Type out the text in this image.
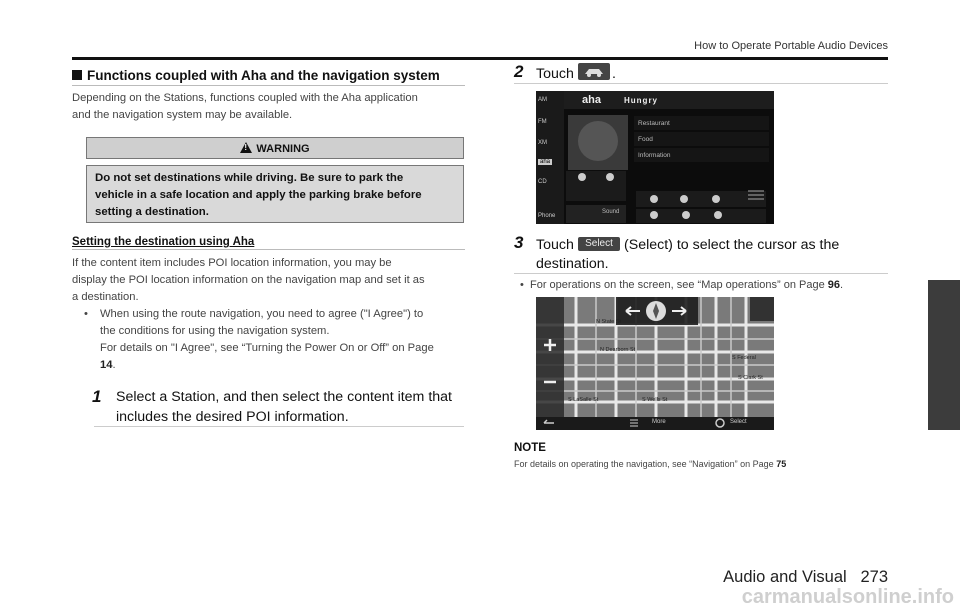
How to Operate Portable Audio Devices
Functions coupled with Aha and the navigation system
Depending on the Stations, functions coupled with the Aha application
and the navigation system may be available.
! WARNING
Do not set destinations while driving. Be sure to park the
vehicle in a safe location and apply the parking brake before
setting a destination.
Setting the destination using Aha
If the content item includes POI location information, you may be
display the POI location information on the navigation map and set it as
a destination.
• When using the route navigation, you need to agree ("I Agree") to
the conditions for using the navigation system.
For details on "I Agree", see “Turning the Power On or Off” on Page
14.
1 Select a Station, and then select the content item that
includes the desired POI information.
2 Touch	.
AM
FM
XM
aha
CD
Phone
aha	Hungry
Restaurant
Food
Information
Sound
3 Touch	Select (Select) to select the cursor as the
destination.
• For operations on the screen, see “Map operations” on Page 96.
N State St
N Dearborn St
S Federal
S Clark St
S LaSalle St	S Wells St
More	Select
NOTE
For details on operating the navigation, see “Navigation” on Page 75
Audio and Visual 273
carmanualsonline.info
